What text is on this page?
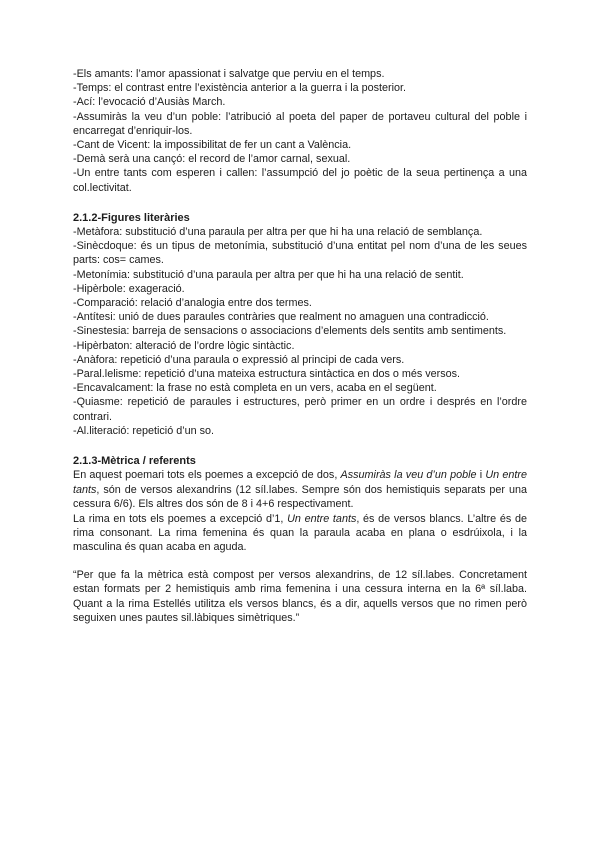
-Els amants: l’amor apassionat i salvatge que perviu en el temps.
-Temps: el contrast entre l’existència anterior a la guerra i la posterior.
-Ací: l’evocació d’Ausiàs March.
-Assumiràs la veu d’un poble: l’atribució al poeta del paper de portaveu cultural del poble i encarregat d’enriquir-los.
-Cant de Vicent: la impossibilitat de fer un cant a València.
-Demà serà una cançó: el record de l’amor carnal, sexual.
-Un entre tants com esperen i callen: l’assumpció del jo poètic de la seua pertinença a una col.lectivitat.
2.1.2-Figures literàries
-Metàfora: substitució d’una paraula per altra per que hi ha una relació de semblança.
-Sinècdoque: és un tipus de metonímia, substitució d’una entitat pel nom d’una de les seues parts: cos= cames.
-Metonímia: substitució d’una paraula per altra per que hi ha una relació de sentit.
-Hipèrbole: exageració.
-Comparació: relació d’analogia entre dos termes.
-Antítesi: unió de dues paraules contràries que realment no amaguen una contradicció.
-Sinestesia: barreja de sensacions o associacions d’elements dels sentits amb sentiments.
-Hipèrbaton: alteració de l’ordre lògic sintàctic.
-Anàfora: repetició d’una paraula o expressió al principi de cada vers.
-Paral.lelisme: repetició d’una mateixa estructura sintàctica en dos o més versos.
-Encavalcament: la frase no està completa en un vers, acaba en el següent.
-Quiasme: repetició de paraules i estructures, però primer en un ordre i després en l’ordre contrari.
-Al.literació: repetició d’un so.
2.1.3-Mètrica / referents

En aquest poemari tots els poemes a excepció de dos, Assumiràs la veu d’un poble i Un entre tants, són de versos alexandrins (12 síl.labes. Sempre són dos hemistiquis separats per una cessura 6/6). Els altres dos són de 8 i 4+6 respectivament.

La rima en tots els poemes a excepció d’1, Un entre tants, és de versos blancs. L’altre és de rima consonant. La rima femenina és quan la paraula acaba en plana o esdrúixola, i la masculina és quan acaba en aguda.

“Per que fa la mètrica està compost per versos alexandrins, de 12 síl.labes. Concretament estan formats per 2 hemistiquis amb rima femenina i una cessura interna en la 6ª síl.laba. Quant a la rima Estellés utilitza els versos blancs, és a dir, aquells versos que no rimen però seguixen unes pautes sil.làbiques simètriques.”
